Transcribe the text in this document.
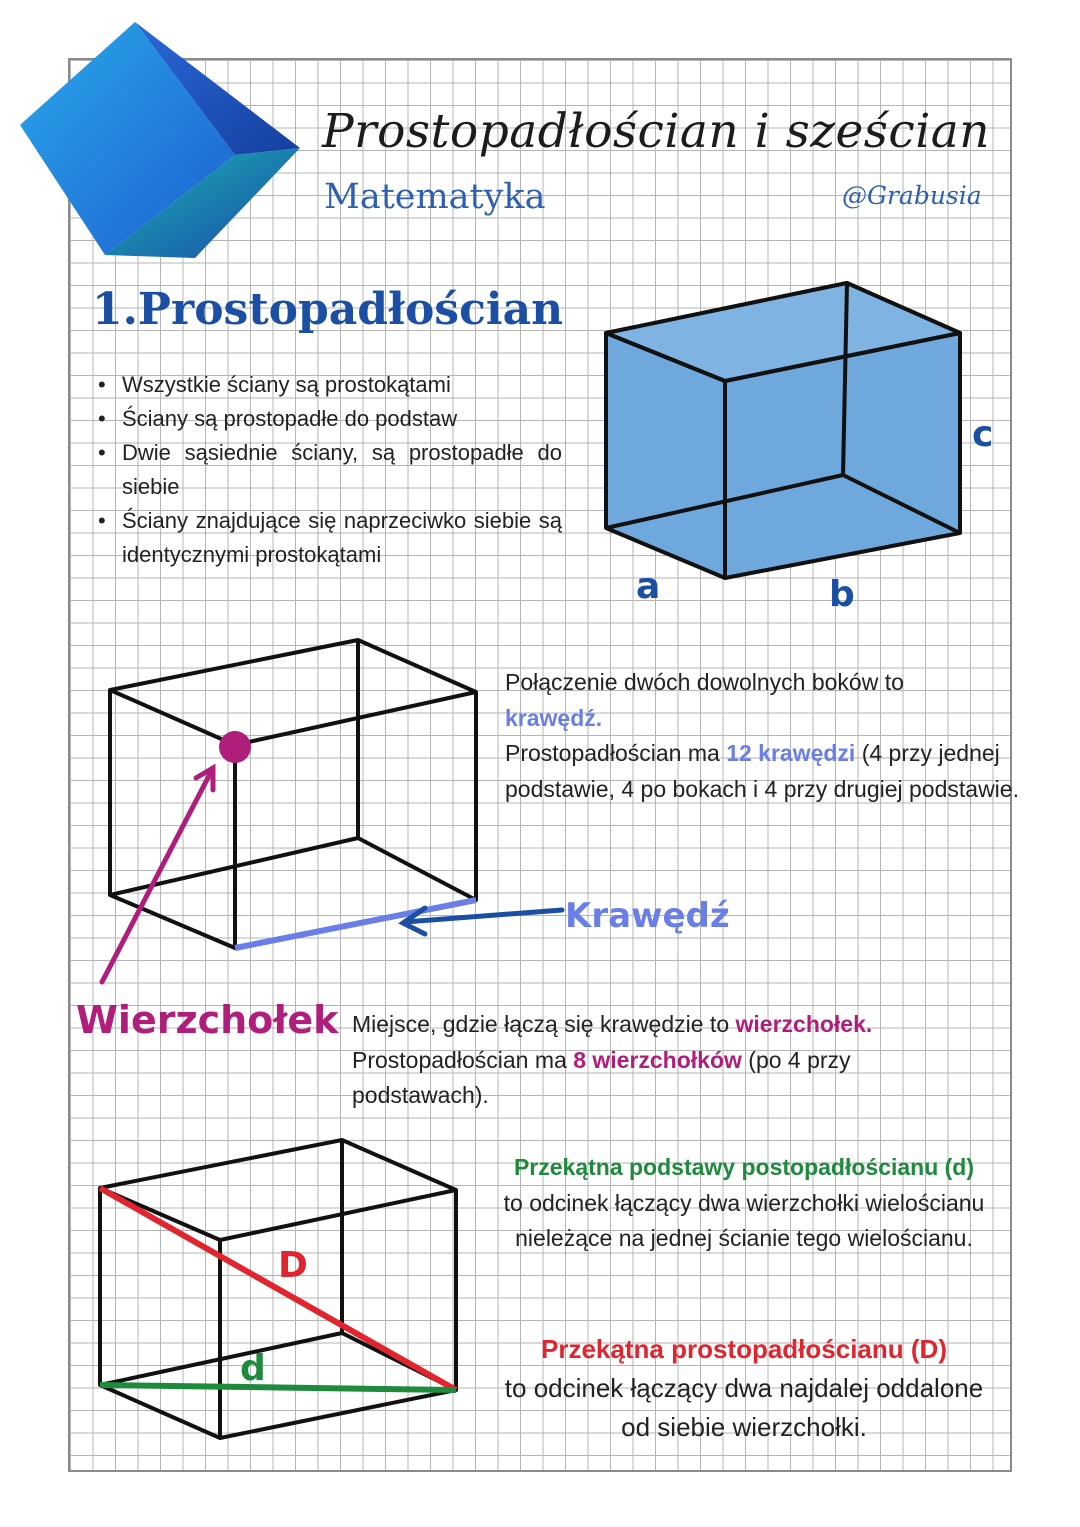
Prostopadłościan i sześcian
Matematyka	@Grabusia
1.Prostopadłościan
• Wszystkie ściany są prostokątami
• Ściany są prostopadłe do podstaw
• Dwie sąsiednie ściany, są prostopadłe do siebie
• Ściany znajdujące się naprzeciwko siebie są identycznymi prostokątami
a	b
c
Połączenie dwóch dowolnych boków to
krawędź.
Prostopadłościan ma 12 krawędzi (4 przy jednej podstawie, 4 po bokach i 4 przy drugiej podstawie.
Krawędź
Wierzchołek Miejsce, gdzie łączą się krawędzie to wierzchołek.
Prostopadłościan ma 8 wierzchołków (po 4 przy podstawach).
Przekątna podstawy postopadłościanu (d)
to odcinek łączący dwa wierzchołki wielościanu nieleżące na jednej ścianie tego wielościanu.
Przekątna prostopadłościanu (D)
to odcinek łączący dwa najdalej oddalone od siebie wierzchołki.
D
d
